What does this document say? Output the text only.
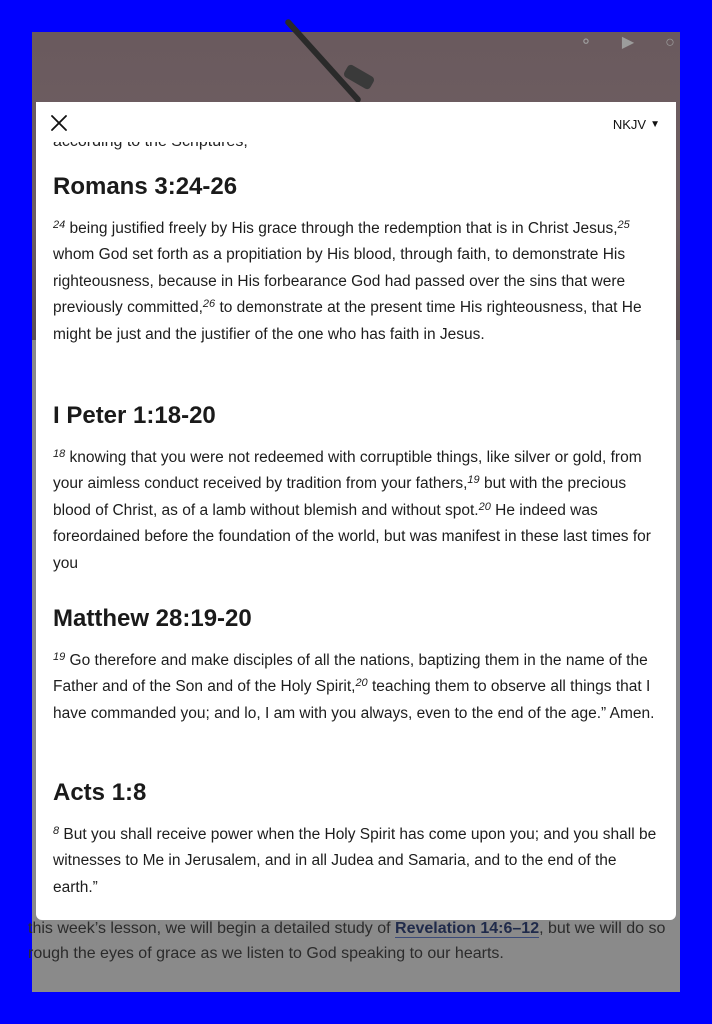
⚬ ▶	○
this week’s lesson, we will begin a detailed study of Revelation 14:6–12, but we will do so
rough the eyes of grace as we listen to God speaking to our hearts.
NKJV ▼
Romans 3:24-26

$^{24}$ being justified freely by His grace through the redemption that is in Christ Jesus,$^{25}$ whom God set forth as a propitiation by His blood, through faith, to demonstrate His righteousness, because in His forbearance God had passed over the sins that were previously committed,$^{26}$ to demonstrate at the present time His righteousness, that He might be just and the justifier of the one who has faith in Jesus.

I Peter 1:18-20

$^{18}$ knowing that you were not redeemed with corruptible things, like silver or gold, from your aimless conduct received by tradition from your fathers,$^{19}$ but with the precious blood of Christ, as of a lamb without blemish and without spot.$^{20}$ He indeed was foreordained before the foundation of the world, but was manifest in these last times for you

Matthew 28:19-20

$^{19}$ Go therefore and make disciples of all the nations, baptizing them in the name of the Father and of the Son and of the Holy Spirit,$^{20}$ teaching them to observe all things that I have commanded you; and lo, I am with you always, even to the end of the age.” Amen.

Acts 1:8

$^8$ But you shall receive power when the Holy Spirit has come upon you; and you shall be witnesses to Me in Jerusalem, and in all Judea and Samaria, and to the end of the earth.”
